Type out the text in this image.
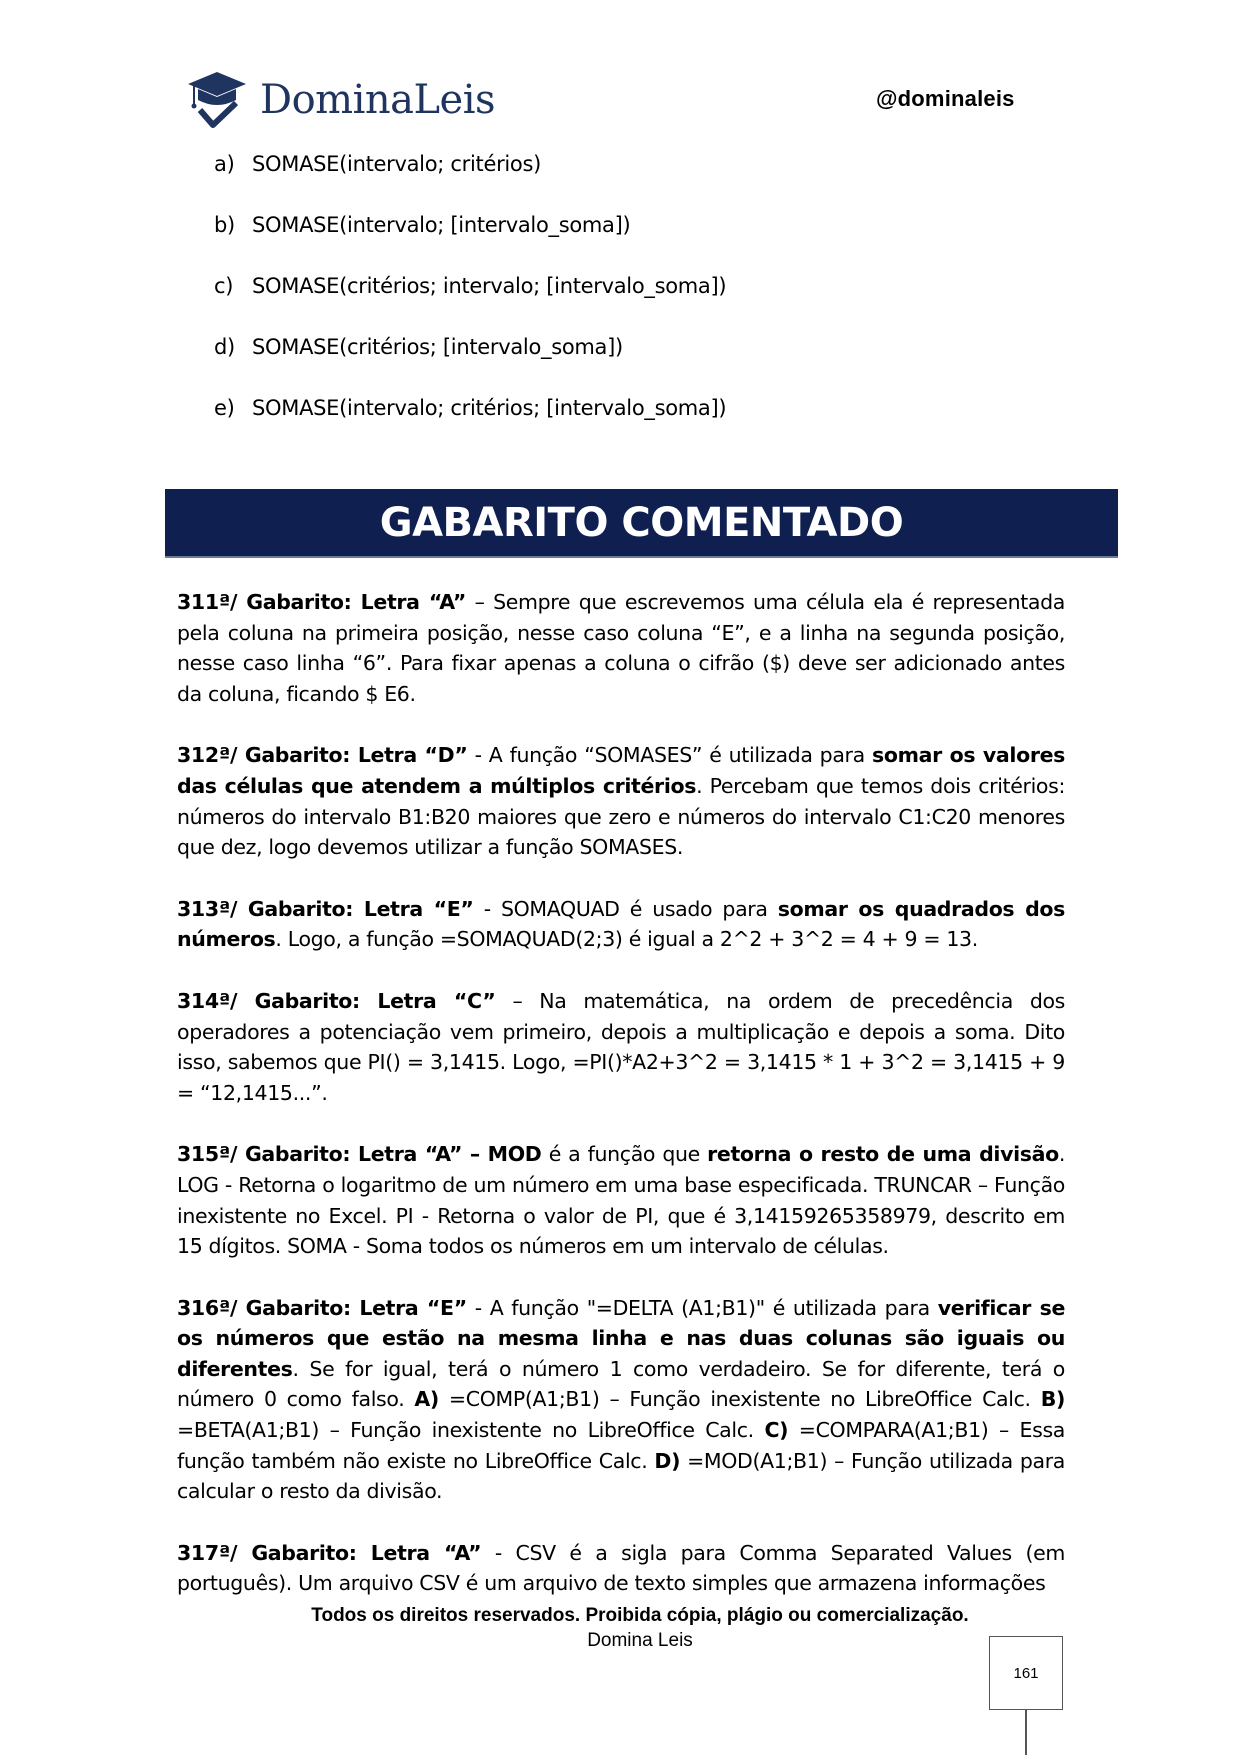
DominaLeis	@dominaleis
a) SOMASE(intervalo; critérios)
b) SOMASE(intervalo; [intervalo_soma])
c) SOMASE(critérios; intervalo; [intervalo_soma])
d) SOMASE(critérios; [intervalo_soma])
e) SOMASE(intervalo; critérios; [intervalo_soma])
GABARITO COMENTADO

311ª/ Gabarito: Letra “A” – Sempre que escrevemos uma célula ela é representada pela coluna na primeira posição, nesse caso coluna “E”, e a linha na segunda posição, nesse caso linha “6”. Para fixar apenas a coluna o cifrão ($) deve ser adicionado antes da coluna, ficando $ E6.

312ª/ Gabarito: Letra “D” - A função “SOMASES” é utilizada para somar os valores das células que atendem a múltiplos critérios. Percebam que temos dois critérios: números do intervalo B1:B20 maiores que zero e números do intervalo C1:C20 menores que dez, logo devemos utilizar a função SOMASES.

313ª/ Gabarito: Letra “E” - SOMAQUAD é usado para somar os quadrados dos números. Logo, a função =SOMAQUAD(2;3) é igual a 2^2 + 3^2 = 4 + 9 = 13.

314ª/ Gabarito: Letra “C” – Na matemática, na ordem de precedência dos operadores a potenciação vem primeiro, depois a multiplicação e depois a soma. Dito isso, sabemos que PI() = 3,1415. Logo, =PI()*A2+3^2 = 3,1415 * 1 + 3^2 = 3,1415 + 9 = “12,1415...”.

315ª/ Gabarito: Letra “A” – MOD é a função que retorna o resto de uma divisão. LOG - Retorna o logaritmo de um número em uma base especificada. TRUNCAR – Função inexistente no Excel. PI - Retorna o valor de PI, que é 3,14159265358979, descrito em 15 dígitos. SOMA - Soma todos os números em um intervalo de células.

316ª/ Gabarito: Letra “E” - A função "=DELTA (A1;B1)" é utilizada para verificar se os números que estão na mesma linha e nas duas colunas são iguais ou diferentes. Se for igual, terá o número 1 como verdadeiro. Se for diferente, terá o número 0 como falso. A) =COMP(A1;B1) – Função inexistente no LibreOffice Calc. B) =BETA(A1;B1) – Função inexistente no LibreOffice Calc. C) =COMPARA(A1;B1) – Essa função também não existe no LibreOffice Calc. D) =MOD(A1;B1) – Função utilizada para calcular o resto da divisão.

317ª/ Gabarito: Letra “A” - CSV é a sigla para Comma Separated Values (em português). Um arquivo CSV é um arquivo de texto simples que armazena informações

Todos os direitos reservados. Proibida cópia, plágio ou comercialização.
Domina Leis
161
